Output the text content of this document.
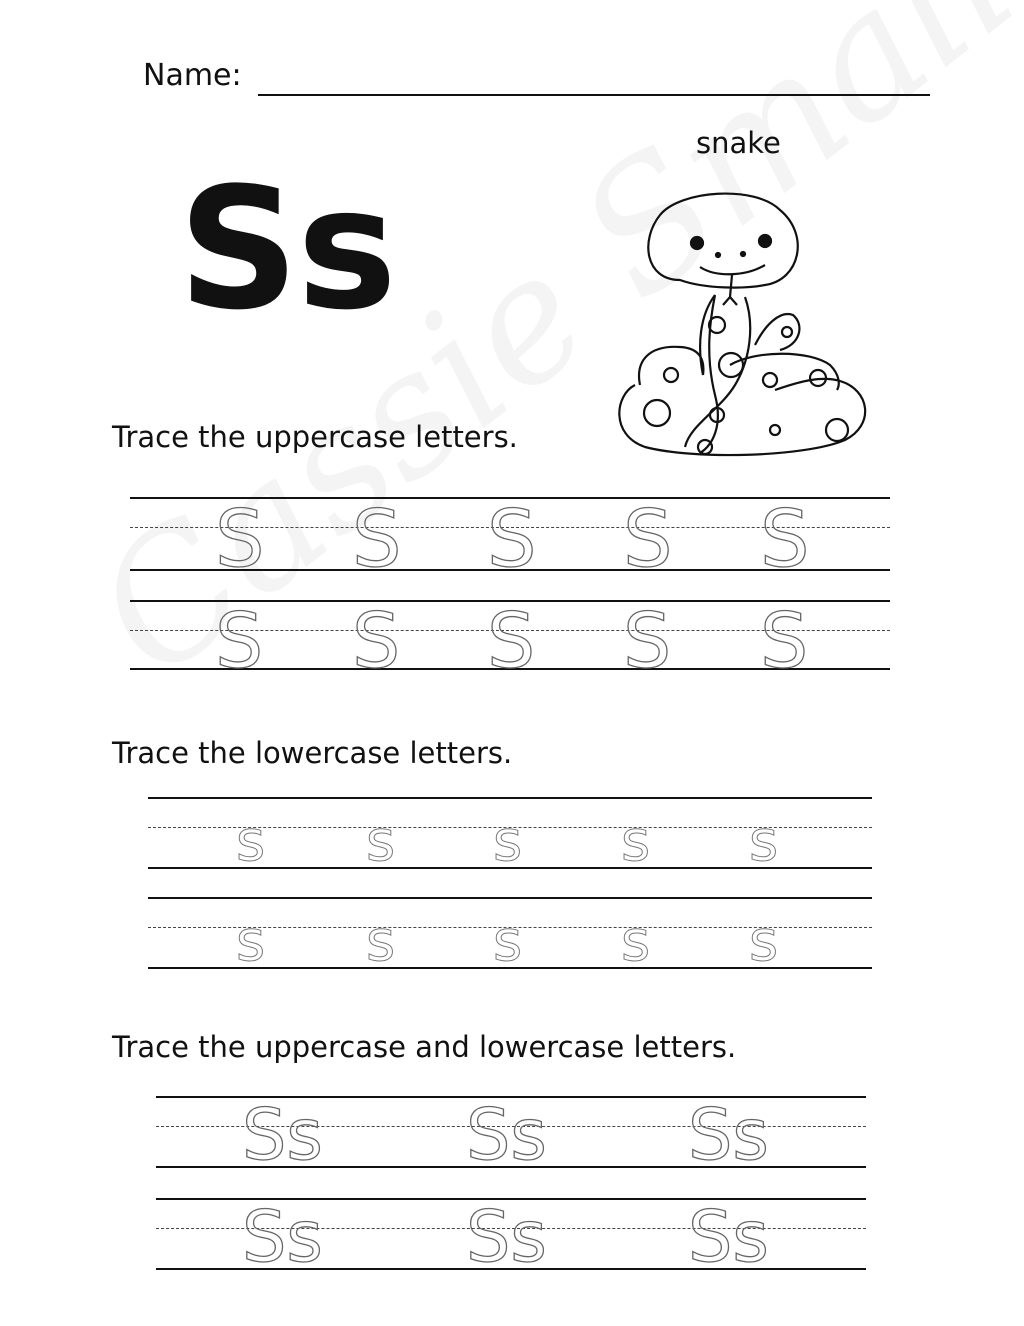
Name:
Ss
snake
Trace the uppercase letters.
S S S S S
S S S S S
Trace the lowercase letters.
s s s s s
s s s s s
Trace the uppercase and lowercase letters.
Ss Ss Ss
Ss Ss Ss
